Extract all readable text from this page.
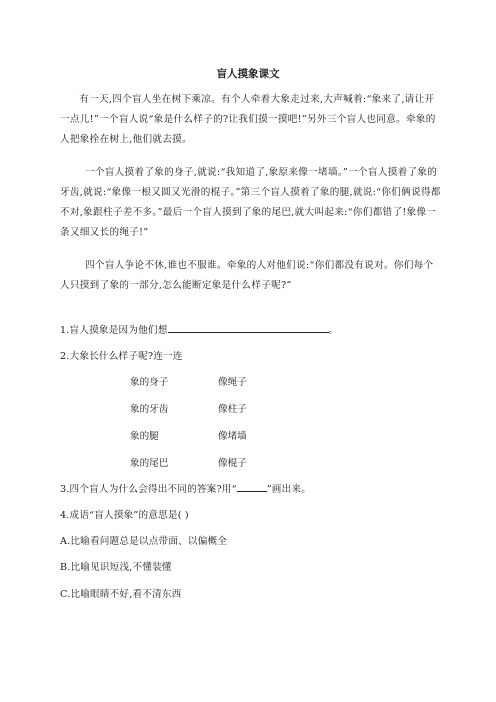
盲人摸象课文
有一天,四个盲人坐在树下乘凉。有个人牵着大象走过来,大声喊着:“象来了,请让开一点儿!”一个盲人说“象是什么样子的?让我们摸一摸吧!”另外三个盲人也同意。牵象的人把象拴在树上,他们就去摸。
一个盲人摸着了象的身子,就说:“我知道了,象原来像一堵墙。”一个盲人摸着了象的牙齿,就说:“象像一根又圆又光滑的棍子。”第三个盲人摸着了象的腿,就说:“你们俩说得都不对,象跟柱子差不多。”最后一个盲人摸到了象的尾巴,就大叫起来:“你们都错了!象像一条又细又长的绳子!”
四个盲人争论不休,谁也不服谁。牵象的人对他们说:“你们都没有说对。你们每个人只摸到了象的一部分,怎么能断定象是什么样子呢?”
1.盲人摸象是因为他们想	。
2.大象长什么样子呢?连一连
象的身子	像绳子
象的牙齿	像柱子
象的腿	像堵墙
象的尾巴	像棍子
3.四个盲人为什么会得出不同的答案?用“	”画出来。
4.成语“盲人摸象”的意思是( )
A.比喻看问题总是以点带面、以偏概全
B.比喻见识短浅,不懂装懂
C.比喻眼睛不好,看不清东西
